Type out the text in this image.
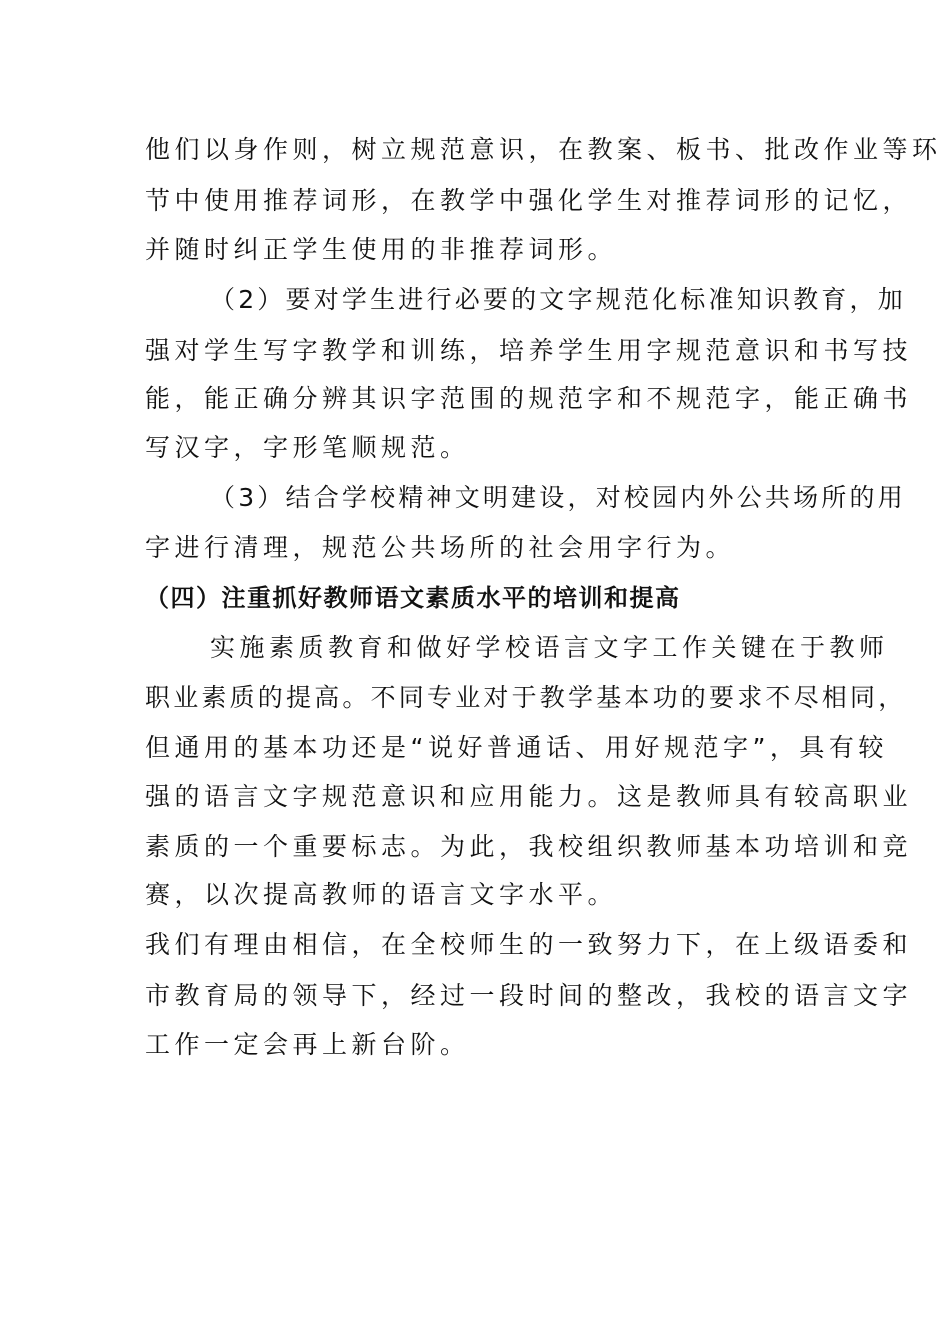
他们以身作则，树立规范意识，在教案、板书、批改作业等环
节中使用推荐词形，在教学中强化学生对推荐词形的记忆，
并随时纠正学生使用的非推荐词形。
（2）要对学生进行必要的文字规范化标准知识教育，加
强对学生写字教学和训练，培养学生用字规范意识和书写技
能，能正确分辨其识字范围的规范字和不规范字，能正确书
写汉字，字形笔顺规范。
（3）结合学校精神文明建设，对校园内外公共场所的用
字进行清理，规范公共场所的社会用字行为。
（四）注重抓好教师语文素质水平的培训和提高
实施素质教育和做好学校语言文字工作关键在于教师
职业素质的提高。不同专业对于教学基本功的要求不尽相同，
但通用的基本功还是“说好普通话、用好规范字”，具有较
强的语言文字规范意识和应用能力。这是教师具有较高职业
素质的一个重要标志。为此，我校组织教师基本功培训和竞
赛，以次提高教师的语言文字水平。
我们有理由相信，在全校师生的一致努力下，在上级语委和
市教育局的领导下，经过一段时间的整改，我校的语言文字
工作一定会再上新台阶。
